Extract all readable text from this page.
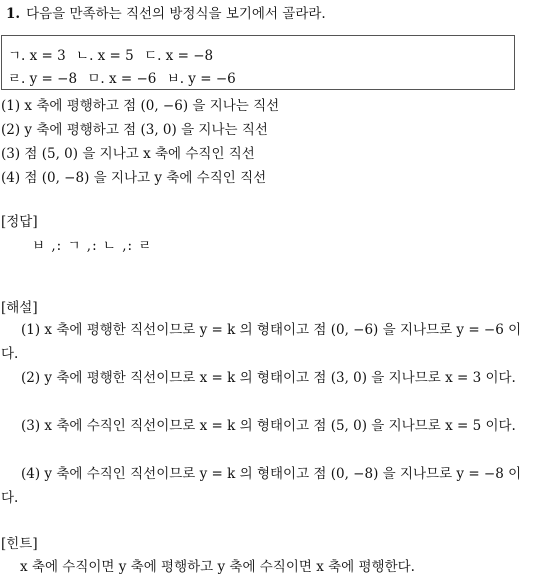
1. 다음을 만족하는 직선의 방정식을 보기에서 골라라.
ㄱ. x = 3 ㄴ. x = 5 ㄷ. x = −8
ㄹ. y = −8 ㅁ. x = −6 ㅂ. y = −6
(1) x 축에 평행하고 점 (0, −6) 을 지나는 직선
(2) y 축에 평행하고 점 (3, 0) 을 지나는 직선
(3) 점 (5, 0) 을 지나고 x 축에 수직인 직선
(4) 점 (0, −8) 을 지나고 y 축에 수직인 직선
[정답]
ㅂ ,: ㄱ ,: ㄴ ,: ㄹ
[해설]
(1) x 축에 평행한 직선이므로 y = k 의 형태이고 점 (0, −6) 을 지나므로 y = −6 이다.
(2) y 축에 평행한 직선이므로 x = k 의 형태이고 점 (3, 0) 을 지나므로 x = 3 이다.
(3) x 축에 수직인 직선이므로 x = k 의 형태이고 점 (5, 0) 을 지나므로 x = 5 이다.
(4) y 축에 수직인 직선이므로 y = k 의 형태이고 점 (0, −8) 을 지나므로 y = −8 이다.
[힌트]
x 축에 수직이면 y 축에 평행하고 y 축에 수직이면 x 축에 평행한다.
